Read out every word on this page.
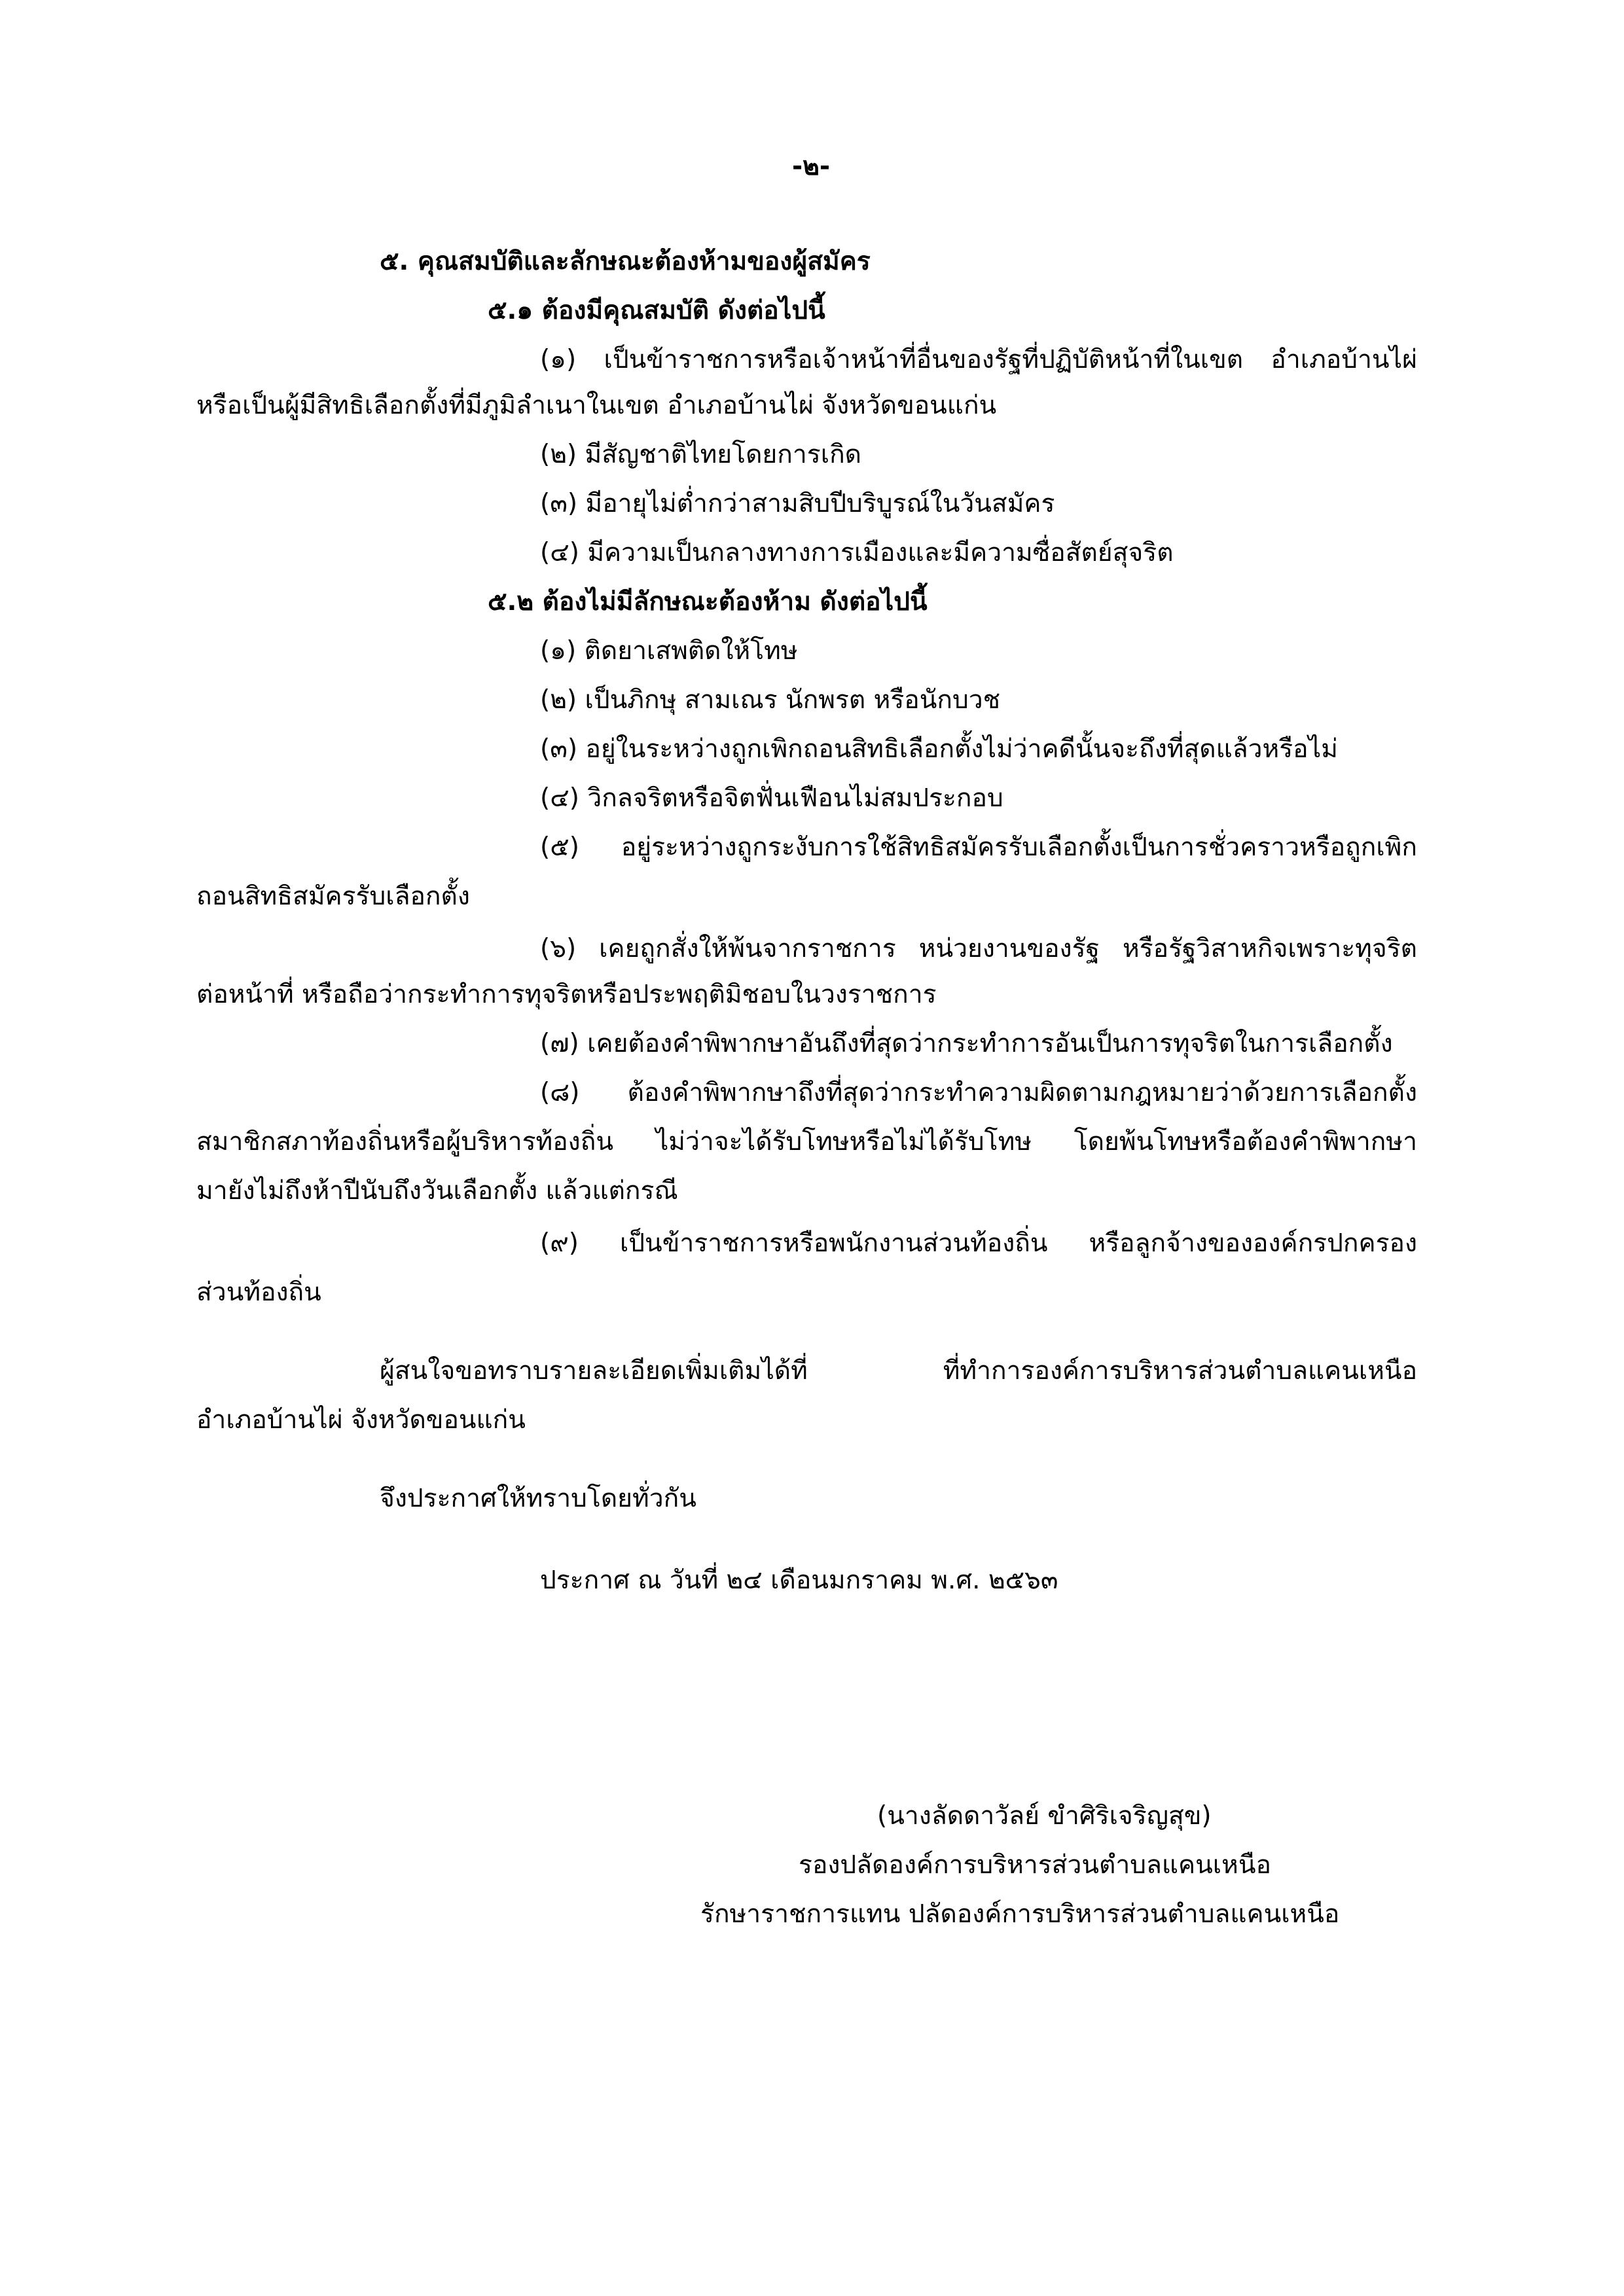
-๒-
๕. คุณสมบัติและลักษณะต้องห้ามของผู้สมัคร
๕.๑ ต้องมีคุณสมบัติ ดังต่อไปนี้
(๑) เป็นข้าราชการหรือเจ้าหน้าที่อื่นของรัฐที่ปฏิบัติหน้าที่ในเขต อำเภอบ้านไผ่
หรือเป็นผู้มีสิทธิเลือกตั้งที่มีภูมิลำเนาในเขต อำเภอบ้านไผ่ จังหวัดขอนแก่น
(๒) มีสัญชาติไทยโดยการเกิด
(๓) มีอายุไม่ต่ำกว่าสามสิบปีบริบูรณ์ในวันสมัคร
(๔) มีความเป็นกลางทางการเมืองและมีความซื่อสัตย์สุจริต
๕.๒ ต้องไม่มีลักษณะต้องห้าม ดังต่อไปนี้
(๑) ติดยาเสพติดให้โทษ
(๒) เป็นภิกษุ สามเณร นักพรต หรือนักบวช
(๓) อยู่ในระหว่างถูกเพิกถอนสิทธิเลือกตั้งไม่ว่าคดีนั้นจะถึงที่สุดแล้วหรือไม่
(๔) วิกลจริตหรือจิตฟั่นเฟือนไม่สมประกอบ
(๕) อยู่ระหว่างถูกระงับการใช้สิทธิสมัครรับเลือกตั้งเป็นการชั่วคราวหรือถูกเพิก
ถอนสิทธิสมัครรับเลือกตั้ง
(๖) เคยถูกสั่งให้พ้นจากราชการ หน่วยงานของรัฐ หรือรัฐวิสาหกิจเพราะทุจริต
ต่อหน้าที่ หรือถือว่ากระทำการทุจริตหรือประพฤติมิชอบในวงราชการ
(๗) เคยต้องคำพิพากษาอันถึงที่สุดว่ากระทำการอันเป็นการทุจริตในการเลือกตั้ง
(๘) ต้องคำพิพากษาถึงที่สุดว่ากระทำความผิดตามกฎหมายว่าด้วยการเลือกตั้ง
สมาชิกสภาท้องถิ่นหรือผู้บริหารท้องถิ่น ไม่ว่าจะได้รับโทษหรือไม่ได้รับโทษ โดยพ้นโทษหรือต้องคำพิพากษา
มายังไม่ถึงห้าปีนับถึงวันเลือกตั้ง แล้วแต่กรณี
(๙) เป็นข้าราชการหรือพนักงานส่วนท้องถิ่น หรือลูกจ้างขององค์กรปกครอง
ส่วนท้องถิ่น
ผู้สนใจขอทราบรายละเอียดเพิ่มเติมได้ที่ ที่ทำการองค์การบริหารส่วนตำบลแคนเหนือ
อำเภอบ้านไผ่ จังหวัดขอนแก่น
จึงประกาศให้ทราบโดยทั่วกัน
ประกาศ ณ วันที่ ๒๔ เดือนมกราคม พ.ศ. ๒๕๖๓
(นางลัดดาวัลย์ ขำศิริเจริญสุข)
รองปลัดองค์การบริหารส่วนตำบลแคนเหนือ
รักษาราชการแทน ปลัดองค์การบริหารส่วนตำบลแคนเหนือ
